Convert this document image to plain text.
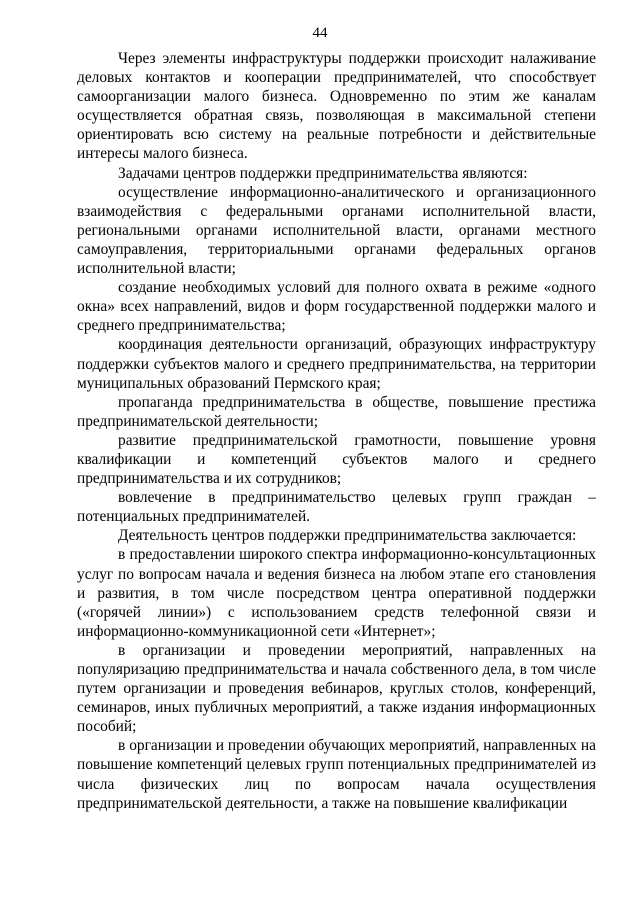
44

Через элементы инфраструктуры поддержки происходит налаживание деловых контактов и кооперации предпринимателей, что способствует самоорганизации малого бизнеса. Одновременно по этим же каналам осуществляется обратная связь, позволяющая в максимальной степени ориентировать всю систему на реальные потребности и действительные интересы малого бизнеса.

Задачами центров поддержки предпринимательства являются:

осуществление информационно-аналитического и организационного взаимодействия с федеральными органами исполнительной власти, региональными органами исполнительной власти, органами местного самоуправления, территориальными органами федеральных органов исполнительной власти;

создание необходимых условий для полного охвата в режиме «одного окна» всех направлений, видов и форм государственной поддержки малого и среднего предпринимательства;

координация деятельности организаций, образующих инфраструктуру поддержки субъектов малого и среднего предпринимательства, на территории муниципальных образований Пермского края;

пропаганда предпринимательства в обществе, повышение престижа предпринимательской деятельности;

развитие предпринимательской грамотности, повышение уровня квалификации и компетенций субъектов малого и среднего предпринимательства и их сотрудников;

вовлечение в предпринимательство целевых групп граждан – потенциальных предпринимателей.

Деятельность центров поддержки предпринимательства заключается:

в предоставлении широкого спектра информационно-консультационных услуг по вопросам начала и ведения бизнеса на любом этапе его становления и развития, в том числе посредством центра оперативной поддержки («горячей линии») с использованием средств телефонной связи и информационно-коммуникационной сети «Интернет»;

в организации и проведении мероприятий, направленных на популяризацию предпринимательства и начала собственного дела, в том числе путем организации и проведения вебинаров, круглых столов, конференций, семинаров, иных публичных мероприятий, а также издания информационных пособий;

в организации и проведении обучающих мероприятий, направленных на повышение компетенций целевых групп потенциальных предпринимателей из числа физических лиц по вопросам начала осуществления предпринимательской деятельности, а также на повышение квалификации
